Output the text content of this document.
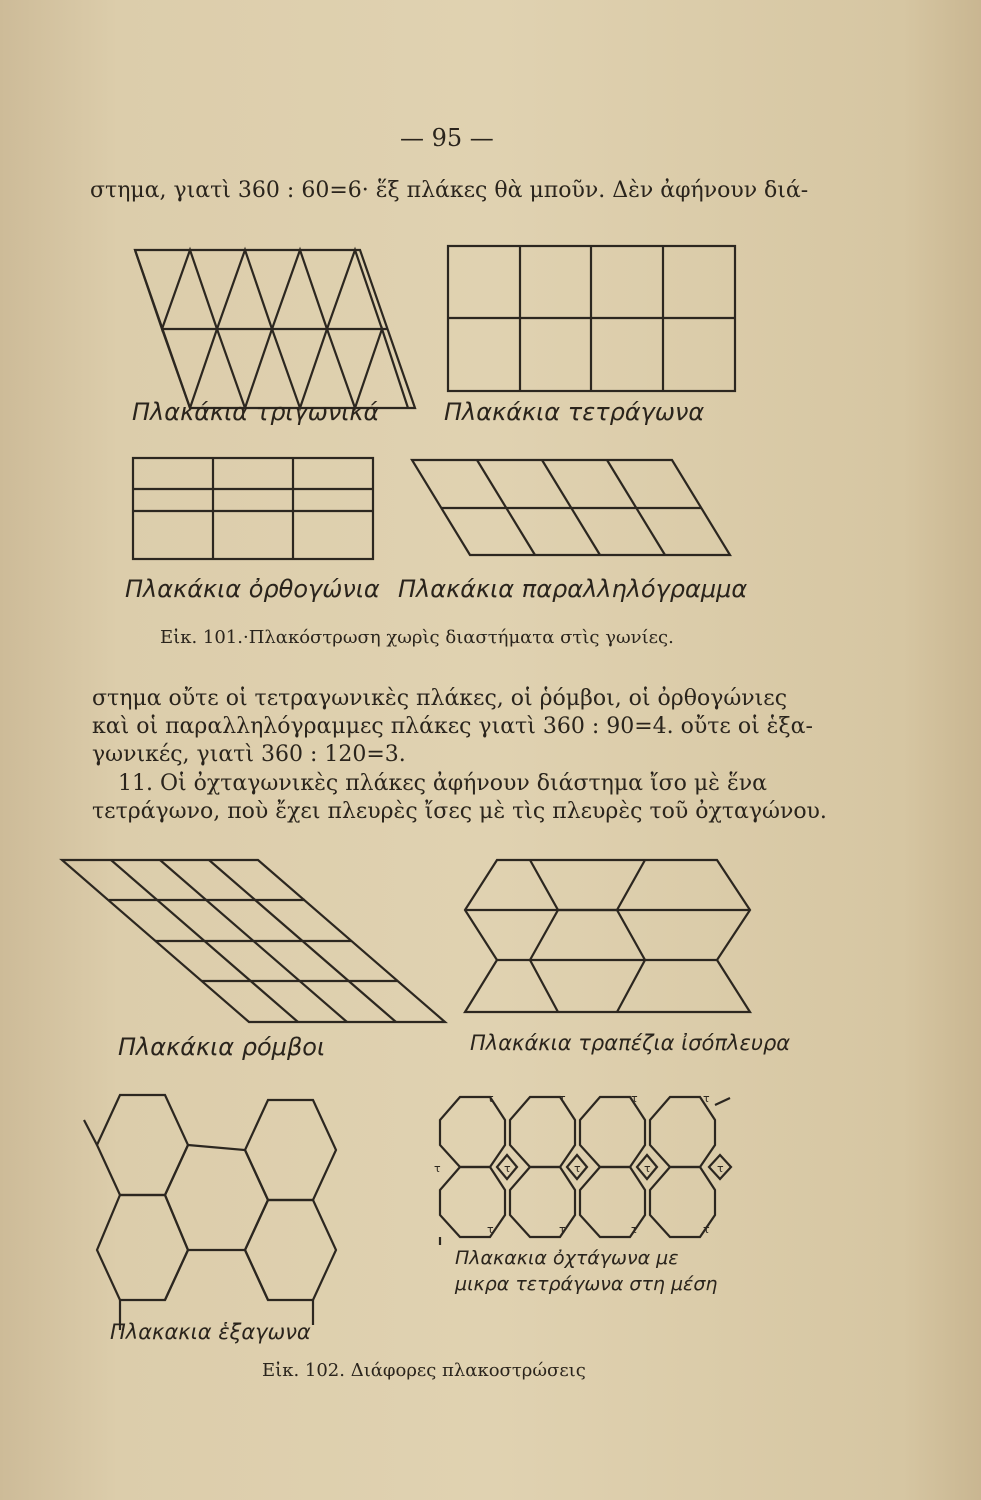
— 95 —
στημα, γιατὶ 360 : 60=6· ἕξ πλάκες θὰ μποῦν. Δὲν ἀφήνουν διά-
τ	τ	τ	τ
τ	τ	τ	τ	τ
τ	τ	τ	τ
Πλακάκια τριγωνικά	Πλακάκια τετράγωνα
Πλακάκια ὀρθογώνια Πλακάκια παραλληλόγραμμα
Εἰκ. 101.·Πλακόστρωση χωρὶς διαστήματα στὶς γωνίες.
στημα οὔτε οἱ τετραγωνικὲς πλάκες, οἱ ῥόμβοι, οἱ ὀρθογώνιες
καὶ οἱ παραλληλόγραμμες πλάκες γιατὶ 360 : 90=4. οὔτε οἱ ἑξα-
γωνικές, γιατὶ 360 : 120=3.
11. Οἱ ὀχταγωνικὲς πλάκες ἀφήνουν διάστημα ἴσο μὲ ἕνα
τετράγωνο, ποὺ ἔχει πλευρὲς ἴσες μὲ τὶς πλευρὲς τοῦ ὀχταγώνου.
Πλακάκια ρόμβοι	Πλακάκια τραπέζια ἰσόπλευρα
Πλακακια ὀχτάγωνα με
μικρα τετράγωνα στη μέση
Πλακακια ἑξαγωνα
Εἰκ. 102. Διάφορες πλακοστρώσεις
